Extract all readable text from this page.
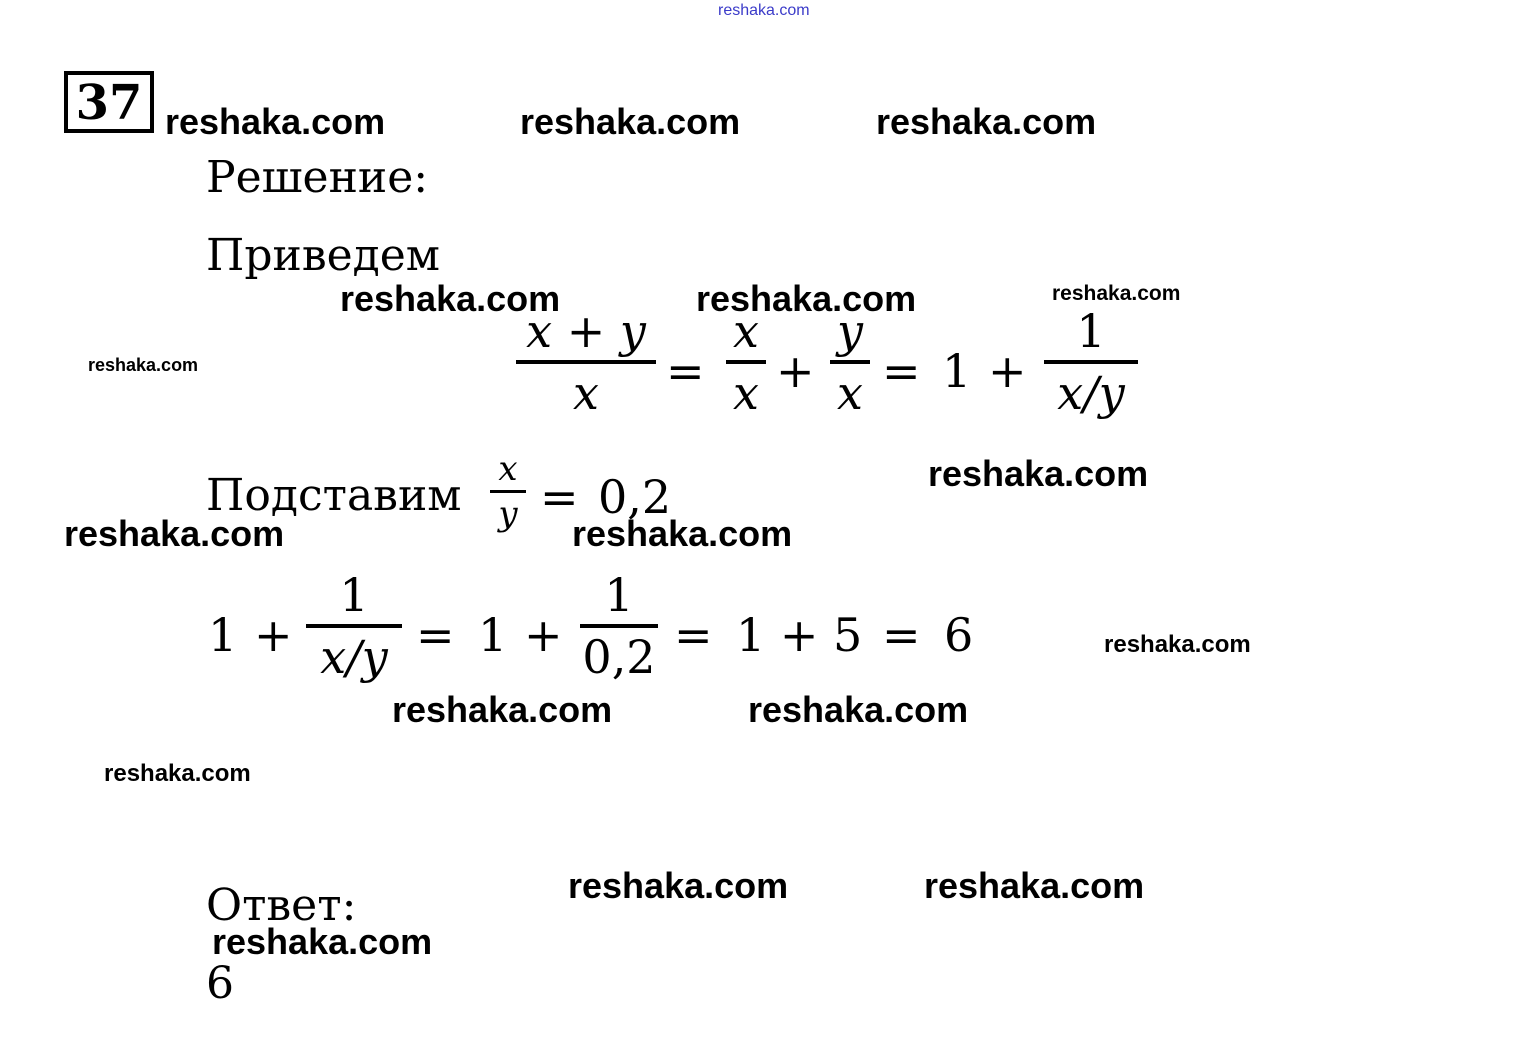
reshaka.com
37 reshaka.com	reshaka.com	reshaka.com
reshaka.com	reshaka.com	reshaka.com
reshaka.com
reshaka.com
reshaka.com	reshaka.com
reshaka.com
reshaka.com	reshaka.com
reshaka.com
reshaka.com	reshaka.com
reshaka.com
Решение:
Приведем
x + y
x	=
x
x +
y
x = 1 +
1
x/y
Подставим
x
y = 0,2
1 +
1
x/y = 1 +
1
0,2 = 1 + 5 = 6
Ответ:
6
